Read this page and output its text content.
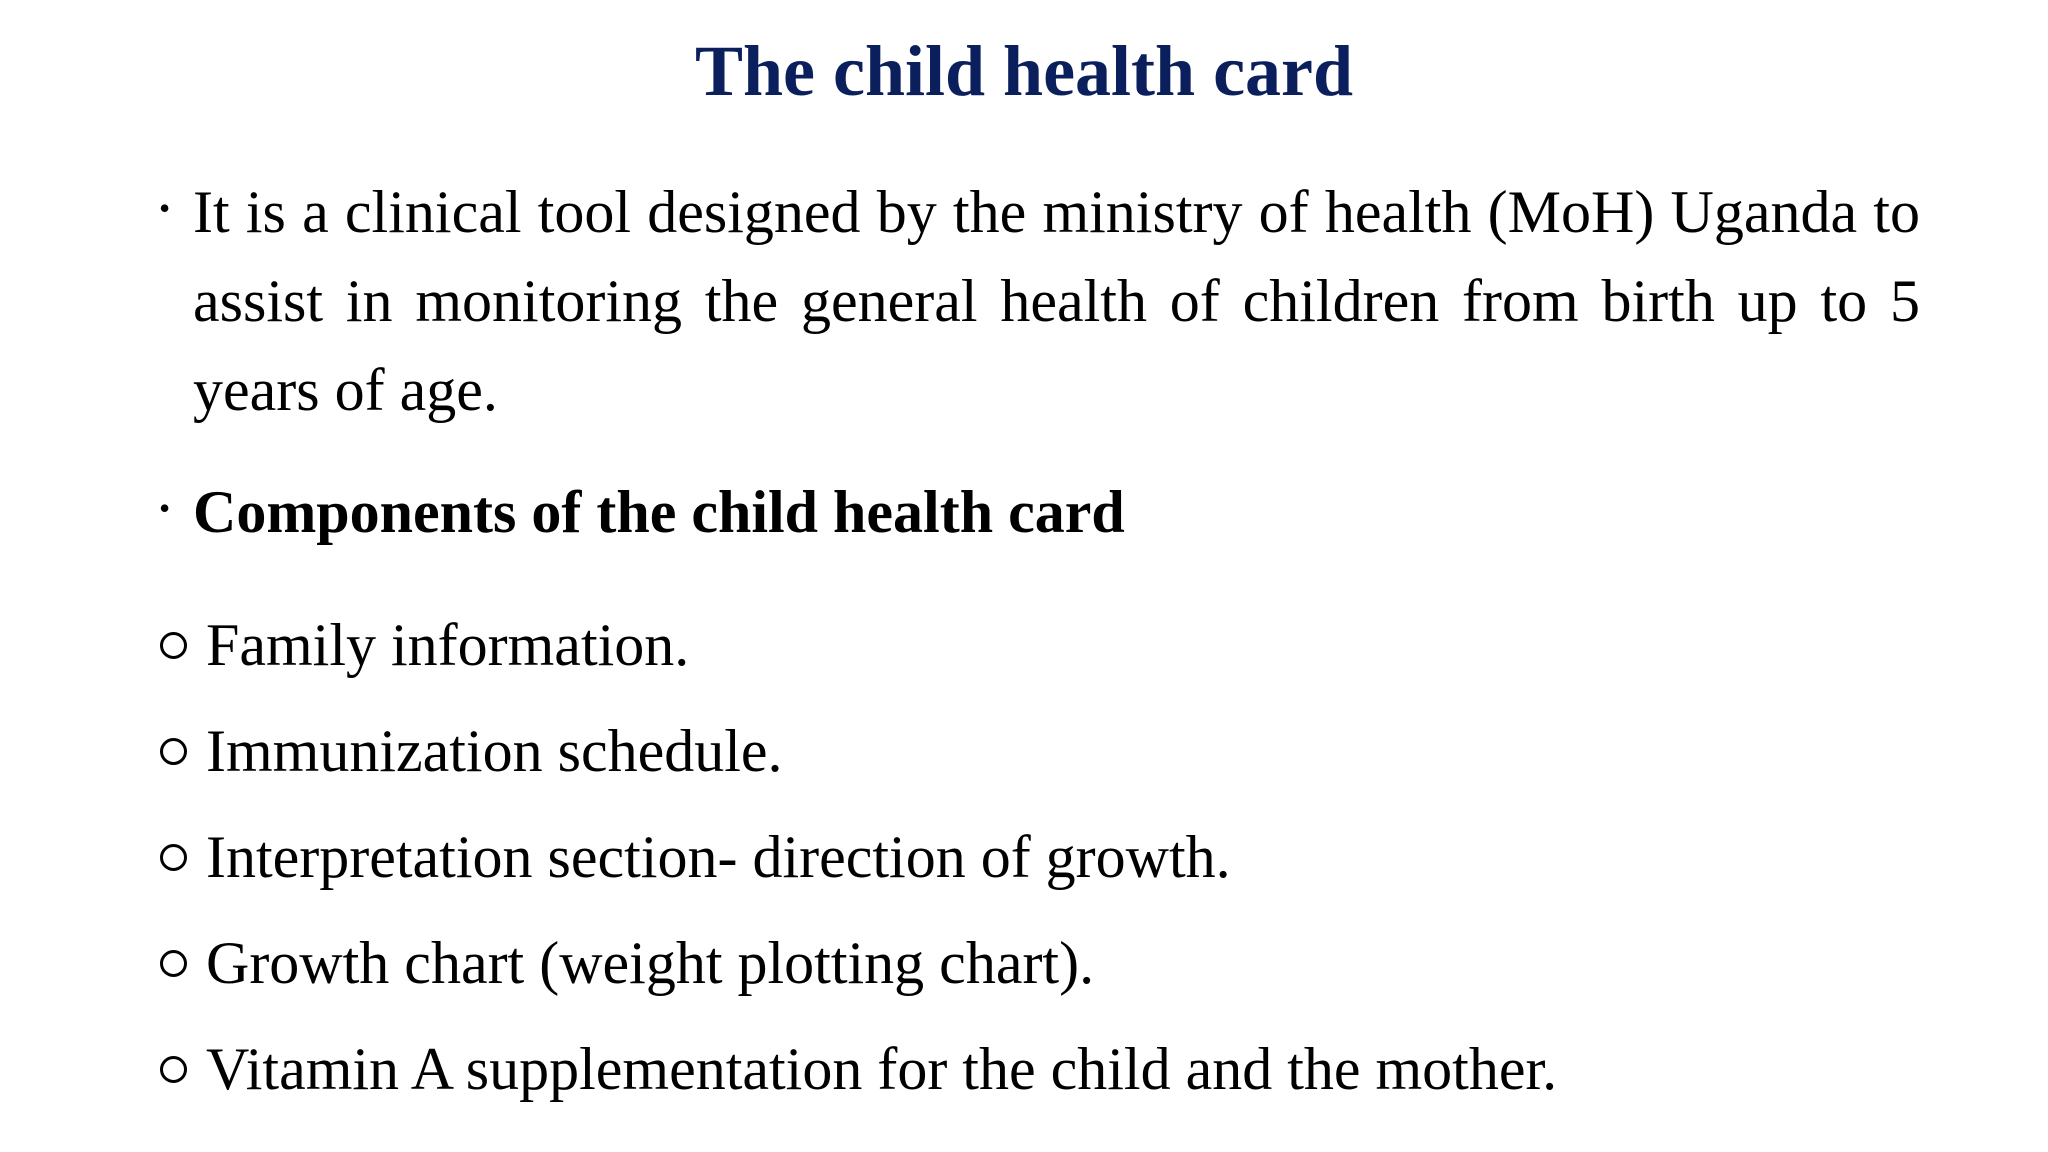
The child health card
• It is a clinical tool designed by the ministry of health (MoH) Uganda to assist in monitoring the general health of children from birth up to 5 years of age.

• Components of the child health card

Family information.
Immunization schedule.
Interpretation section- direction of growth.
Growth chart (weight plotting chart).
Vitamin A supplementation for the child and the mother.
